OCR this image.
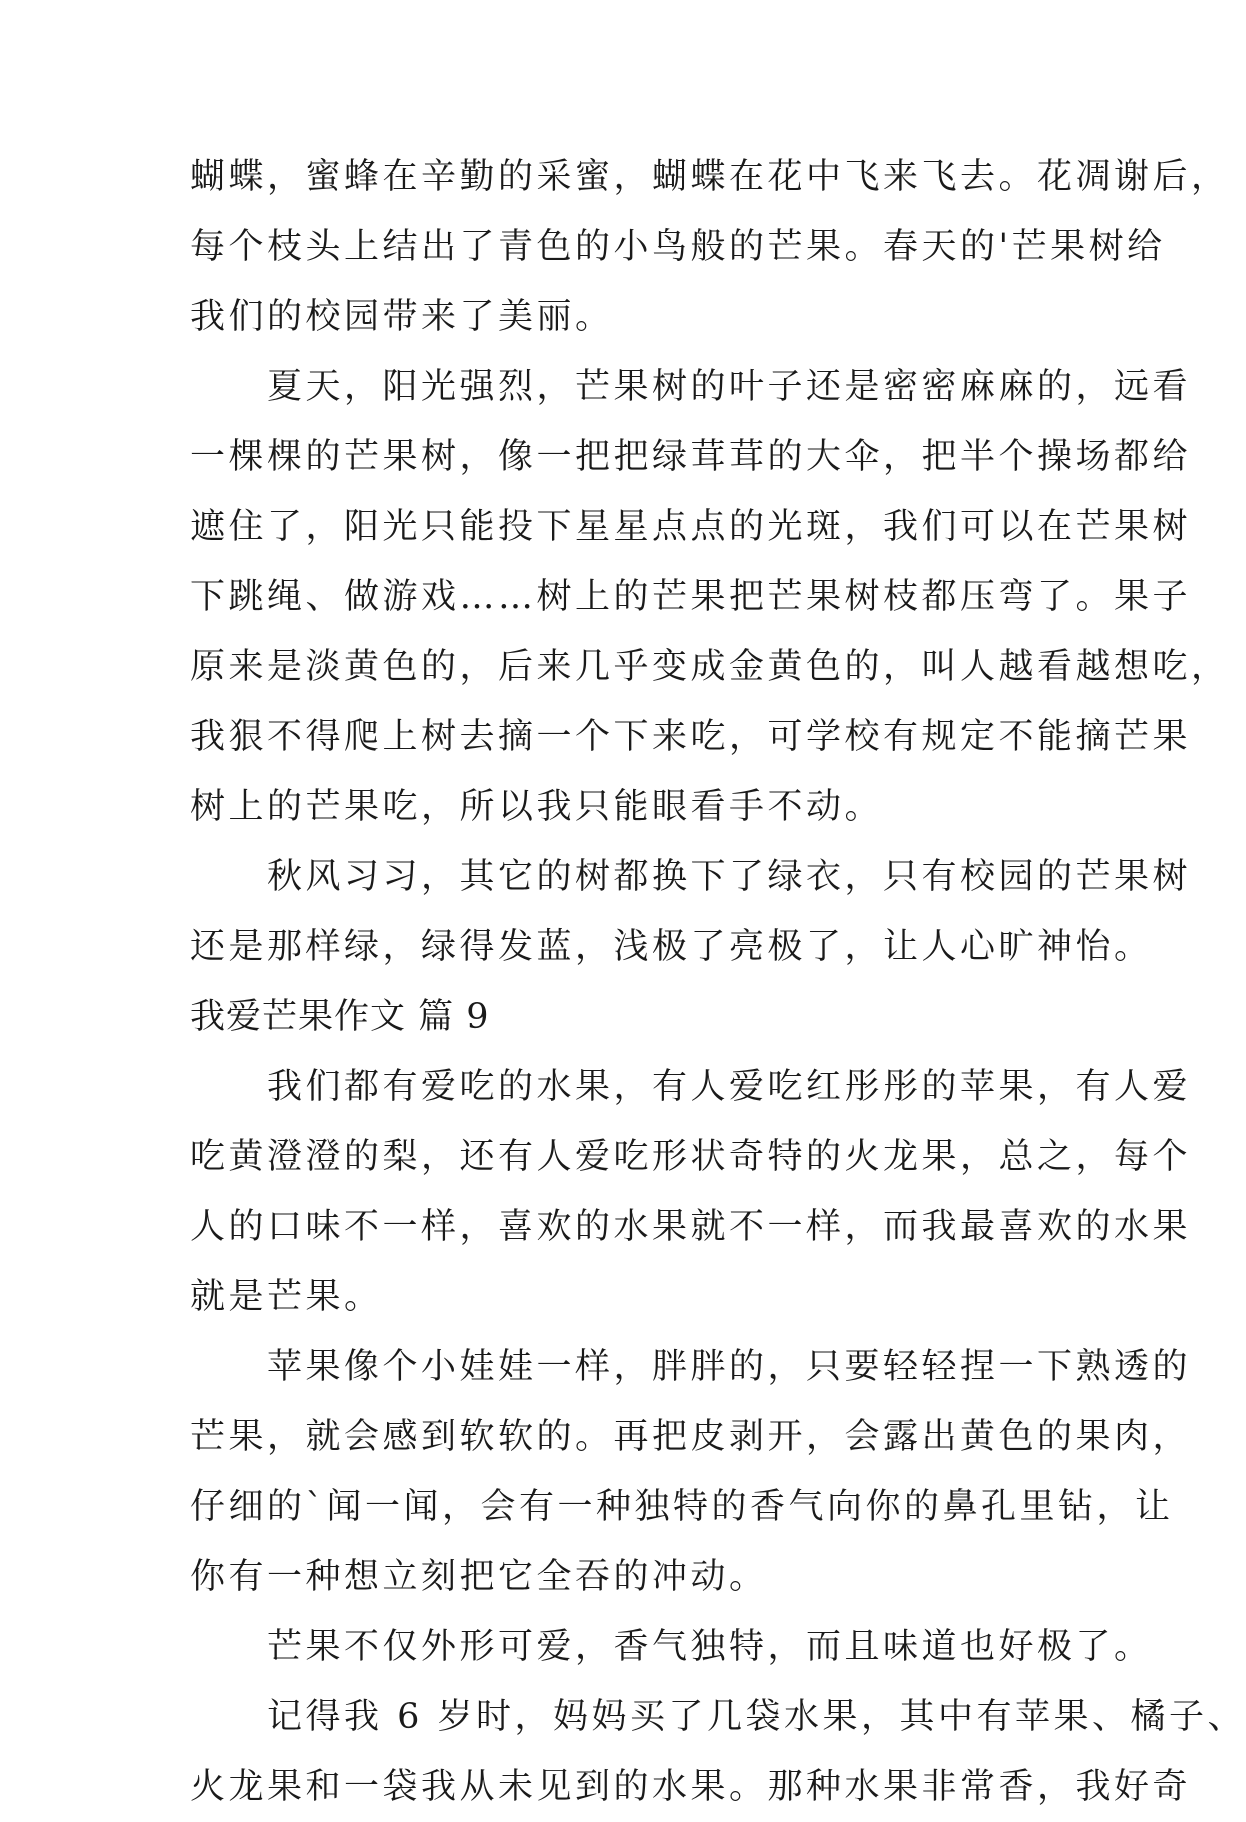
蝴蝶，蜜蜂在辛勤的采蜜，蝴蝶在花中飞来飞去。花凋谢后，
每个枝头上结出了青色的小鸟般的芒果。春天的'芒果树给
我们的校园带来了美丽。
　　夏天，阳光强烈，芒果树的叶子还是密密麻麻的，远看
一棵棵的芒果树，像一把把绿茸茸的大伞，把半个操场都给
遮住了，阳光只能投下星星点点的光斑，我们可以在芒果树
下跳绳、做游戏……树上的芒果把芒果树枝都压弯了。果子
原来是淡黄色的，后来几乎变成金黄色的，叫人越看越想吃，
我狠不得爬上树去摘一个下来吃，可学校有规定不能摘芒果
树上的芒果吃，所以我只能眼看手不动。
　　秋风习习，其它的树都换下了绿衣，只有校园的芒果树
还是那样绿，绿得发蓝，浅极了亮极了，让人心旷神怡。
我爱芒果作文 篇 9
　　我们都有爱吃的水果，有人爱吃红彤彤的苹果，有人爱
吃黄澄澄的梨，还有人爱吃形状奇特的火龙果，总之，每个
人的口味不一样，喜欢的水果就不一样，而我最喜欢的水果
就是芒果。
　　苹果像个小娃娃一样，胖胖的，只要轻轻捏一下熟透的
芒果，就会感到软软的。再把皮剥开，会露出黄色的果肉，
仔细的`闻一闻，会有一种独特的香气向你的鼻孔里钻，让
你有一种想立刻把它全吞的冲动。
　　芒果不仅外形可爱，香气独特，而且味道也好极了。
　　记得我 6 岁时，妈妈买了几袋水果，其中有苹果、橘子、
火龙果和一袋我从未见到的水果。那种水果非常香，我好奇
